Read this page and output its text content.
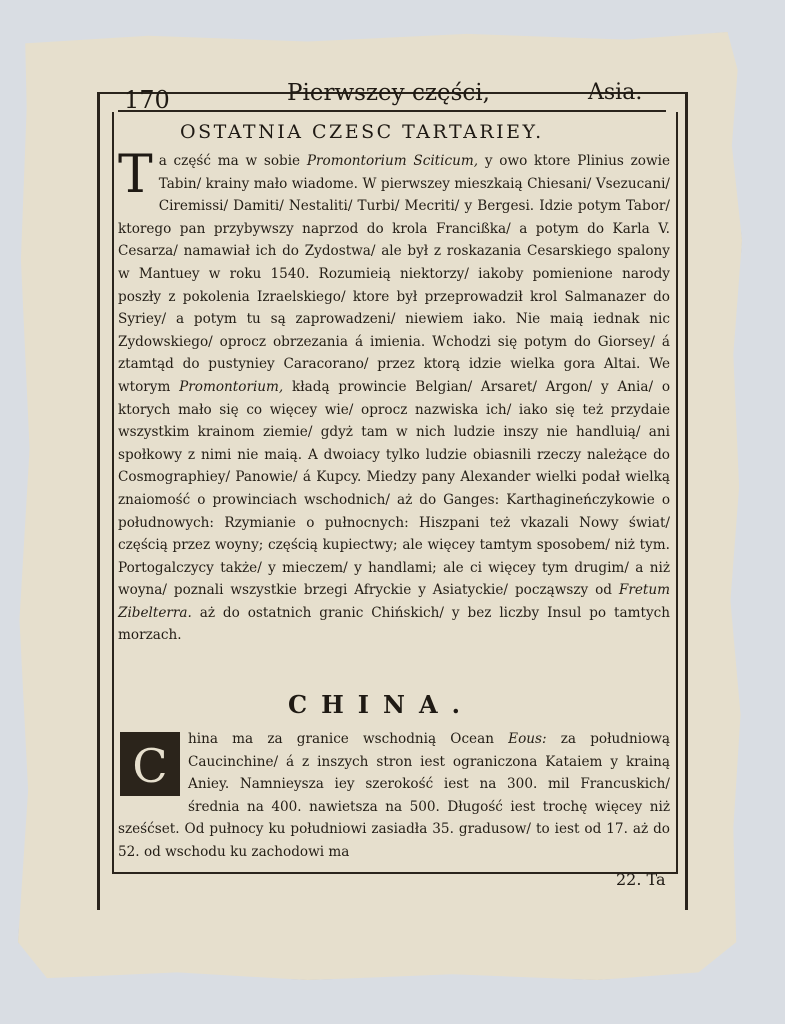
170	Pierwszey części,	Asia.
OSTATNIA CZESC TARTARIEY.

Ta część ma w sobie Promontorium Sciticum, y owo ktore Plinius zowie Tabin/ krainy mało wiadome. W pierwszey mieszkaią Chiesani/ Vsezucani/ Ciremissi/ Damiti/ Nestaliti/ Turbi/ Mecriti/ y Bergesi. Idzie potym Tabor/ ktorego pan przybywszy naprzod do krola Francißka/ a potym do Karla V. Cesarza/ namawiał ich do Zydostwa/ ale był z roskazania Cesarskiego spalony w Mantuey w roku 1540. Rozumieią niektorzy/ iakoby pomienione narody poszły z pokolenia Izraelskiego/ ktore był przeprowadził krol Salmanazer do Syriey/ a potym tu są zaprowadzeni/ niewiem iako. Nie maią iednak nic Zydowskiego/ oprocz obrzezania á imienia. Wchodzi się potym do Giorsey/ á ztamtąd do pustyniey Caracorano/ przez ktorą idzie wielka gora Altai. We wtorym Promontorium, kładą prowincie Belgian/ Arsaret/ Argon/ y Ania/ o ktorych mało się co więcey wie/ oprocz nazwiska ich/ iako się też przydaie wszystkim krainom ziemie/ gdyż tam w nich ludzie inszy nie handluią/ ani społkowy z nimi nie maią. A dwoiacy tylko ludzie obiasnili rzeczy należące do Cosmographiey/ Panowie/ á Kupcy. Miedzy pany Alexander wielki podał wielką znaiomość o prowinciach wschodnich/ aż do Ganges: Karthagineńczykowie o połudnowych: Rzymianie o pułnocnych: Hiszpani też vkazali Nowy świat/ częścią przez woyny; częścią kupiectwy; ale więcey tamtym sposobem/ niż tym. Portogalczycy także/ y mieczem/ y handlami; ale ci więcey tym drugim/ a niż woyna/ poznali wszystkie brzegi Afryckie y Asiatyckie/ począwszy od Fretum Zibelterra. aż do ostatnich granic Chińskich/ y bez liczby Insul po tamtych morzach.

CHINA.

C	hina ma za granice wschodnią Ocean Eous: za południową Caucinchine/ á z inszych stron iest ograniczona Kataiem y krainą Aniey. Namnieysza iey szerokość iest na 300. mil Francuskich/ średnia na 400. nawietsza na 500. Długość iest trochę więcey niż sześćset. Od pułnocy ku południowi zasiadła 35. gradusow/ to iest od 17. aż do 52. od wschodu ku zachodowi ma

22. Ta
